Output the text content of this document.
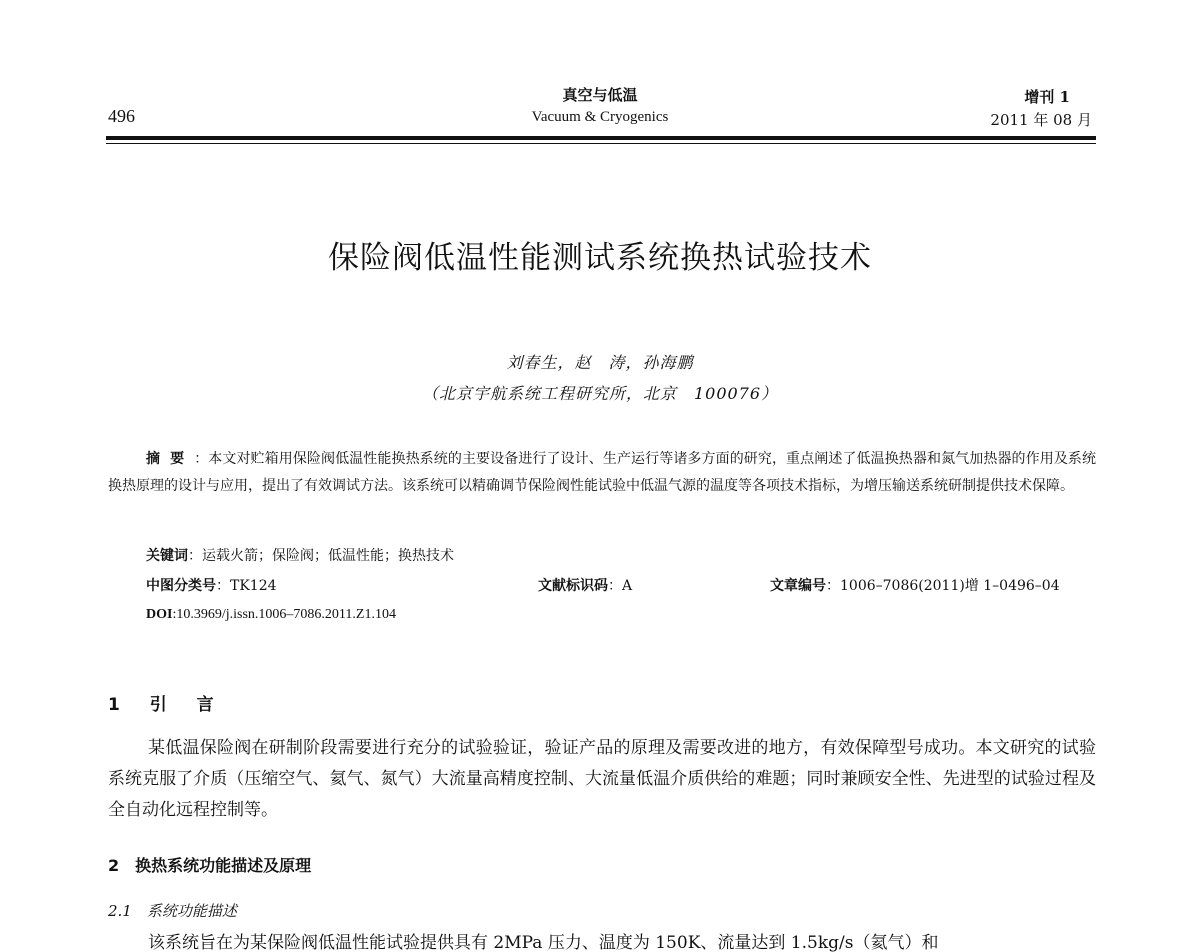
496
真空与低温
Vacuum & Cryogenics
增刊 1
2011 年 08 月
保险阀低温性能测试系统换热试验技术
刘春生，赵　涛，孙海鹏
（北京宇航系统工程研究所，北京　100076）
摘要：本文对贮箱用保险阀低温性能换热系统的主要设备进行了设计、生产运行等诸多方面的研究，重点阐述了低温换热器和氮气加热器的作用及系统换热原理的设计与应用，提出了有效调试方法。该系统可以精确调节保险阀性能试验中低温气源的温度等各项技术指标，为增压输送系统研制提供技术保障。
关键词：运载火箭；保险阀；低温性能；换热技术
中图分类号：TK124	文献标识码：A	文章编号：1006–7086(2011)增 1–0496–04
DOI:10.3969/j.issn.1006–7086.2011.Z1.104
1 引 言
某低温保险阀在研制阶段需要进行充分的试验验证，验证产品的原理及需要改进的地方，有效保障型号成功。本文研究的试验系统克服了介质（压缩空气、氦气、氮气）大流量高精度控制、大流量低温介质供给的难题；同时兼顾安全性、先进型的试验过程及全自动化远程控制等。
2　换热系统功能描述及原理
2.1　系统功能描述
该系统旨在为某保险阀低温性能试验提供具有 2MPa 压力、温度为 150K、流量达到 1.5kg/s（氦气）和
